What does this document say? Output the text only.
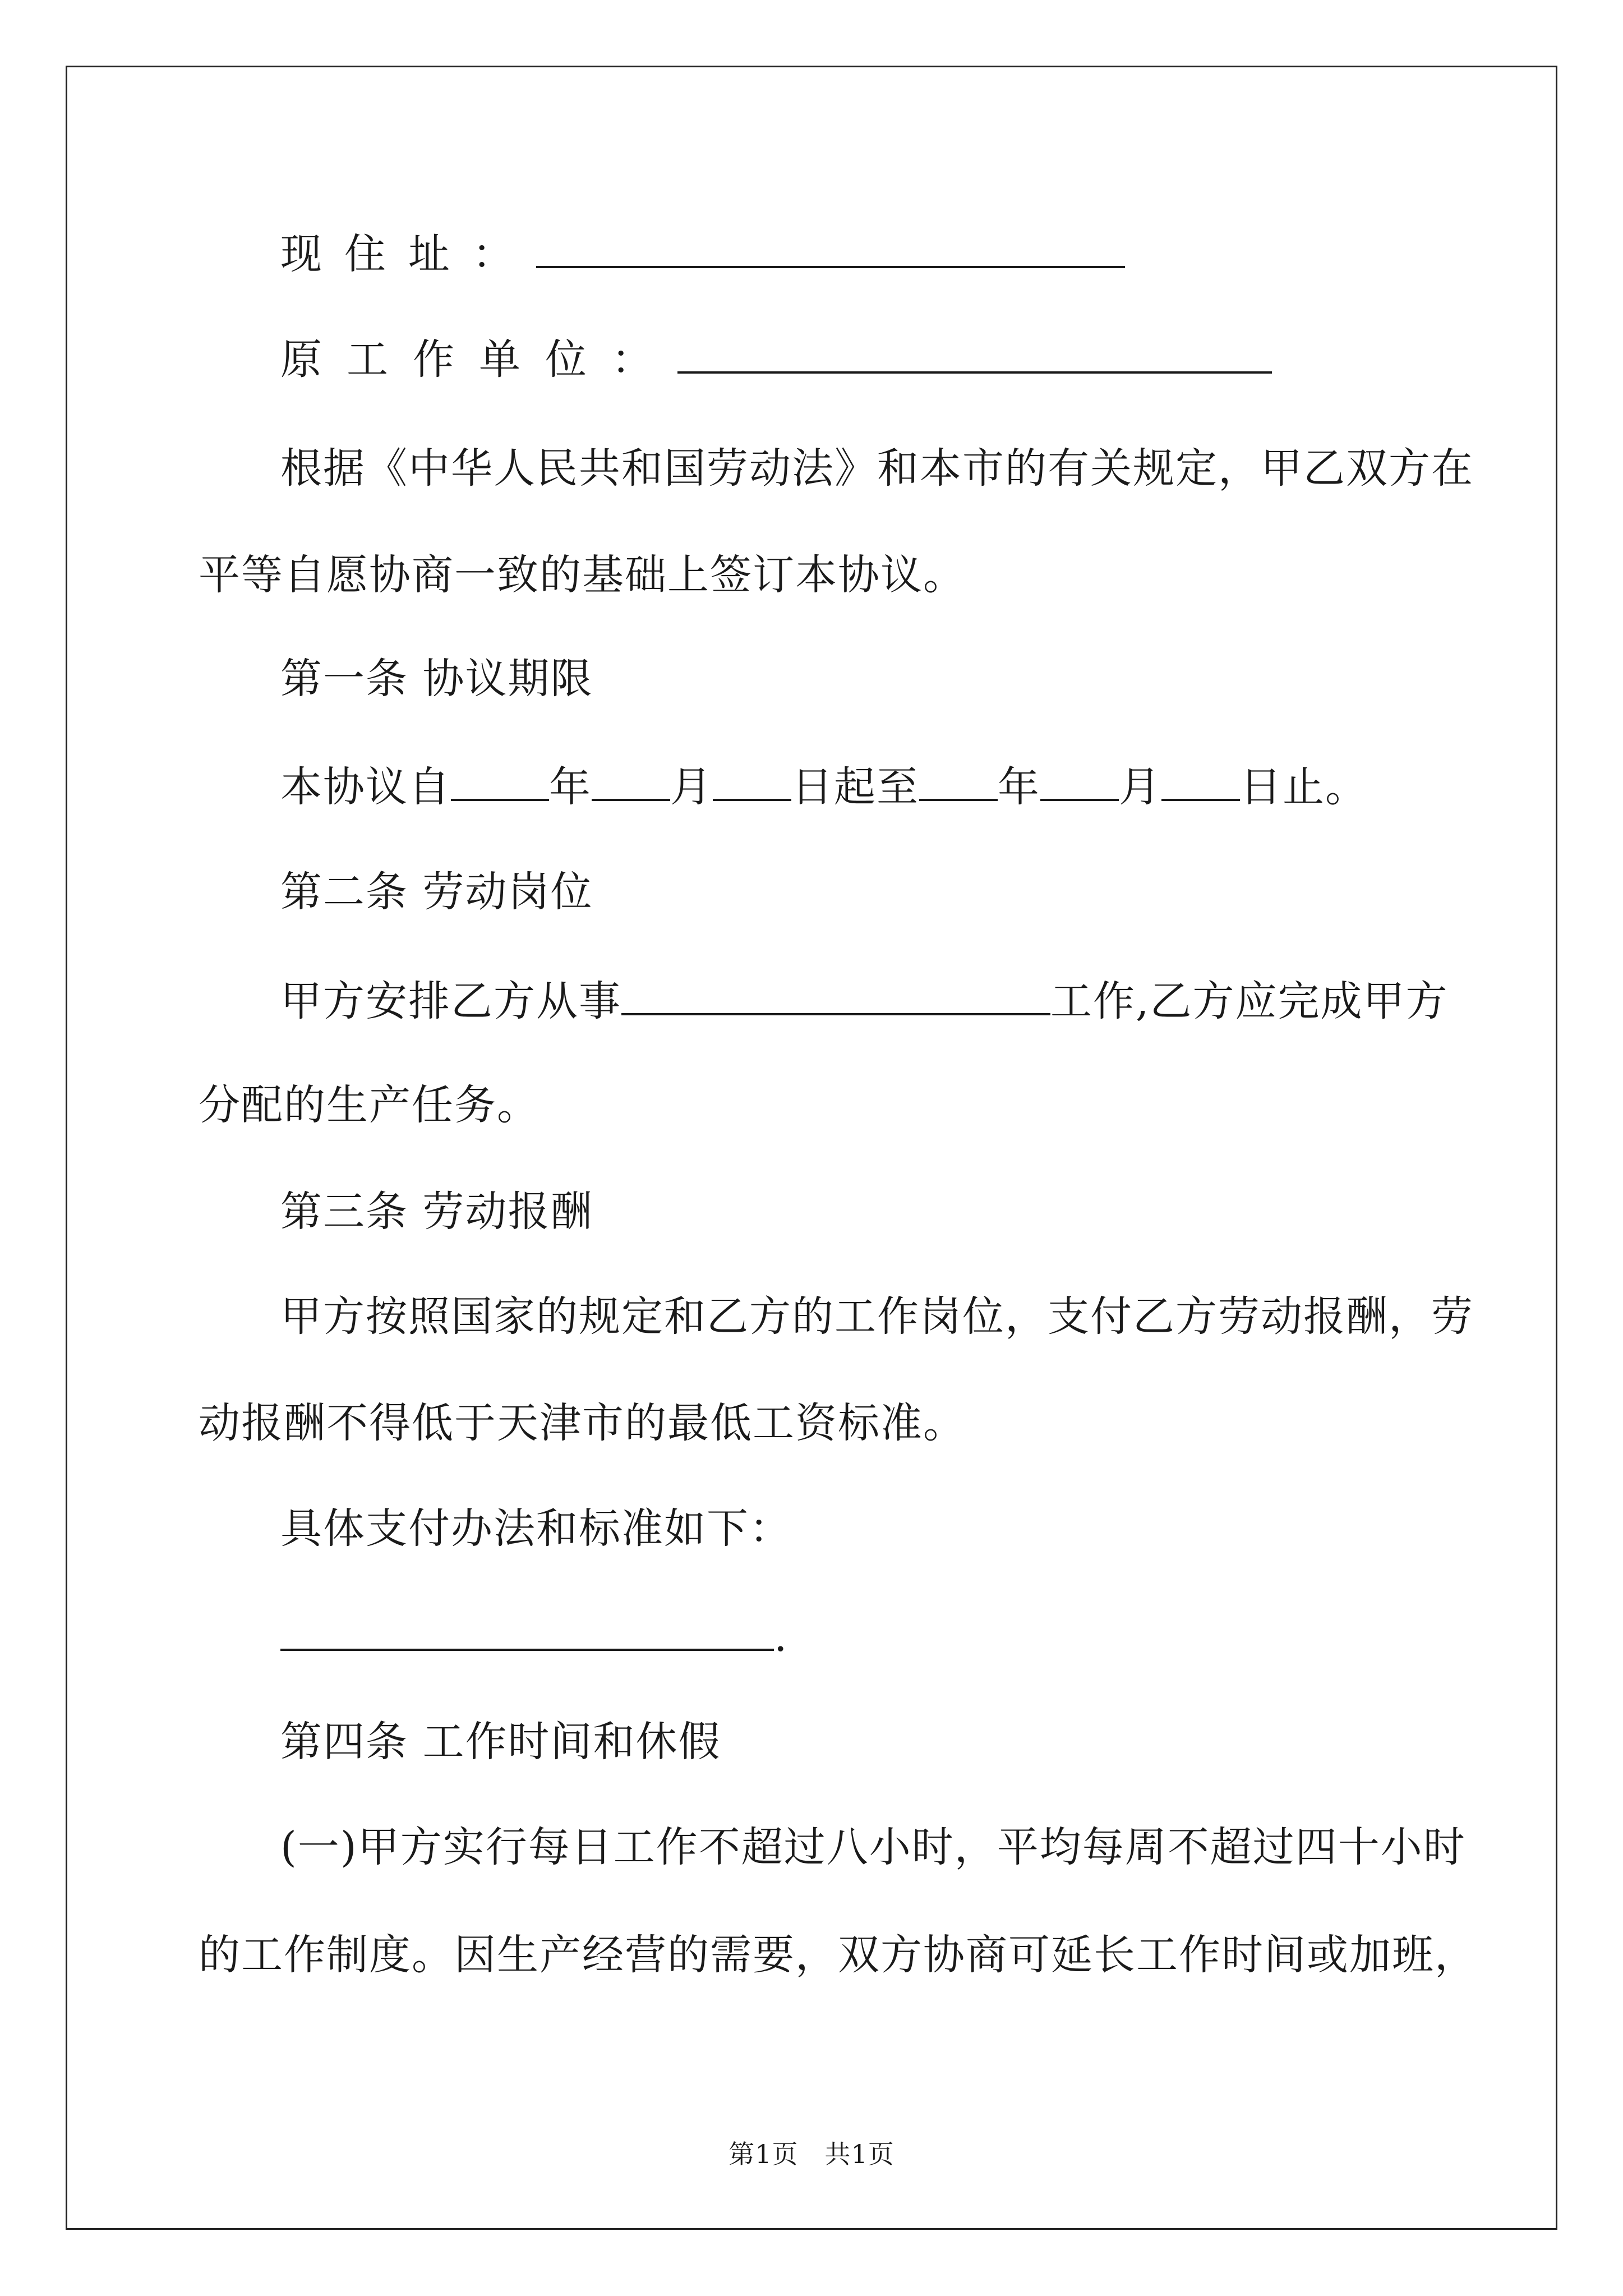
现住址：
原工作单位：
根据《中华人民共和国劳动法》和本市的有关规定，甲乙双方在
平等自愿协商一致的基础上签订本协议。
第一条 协议期限
本协议自 年 月 日起至 年 月 日止。
第二条 劳动岗位
甲方安排乙方从事	工作,乙方应完成甲方
分配的生产任务。
第三条 劳动报酬
甲方按照国家的规定和乙方的工作岗位，支付乙方劳动报酬，劳
动报酬不得低于天津市的最低工资标准。
具体支付办法和标准如下：
.
第四条 工作时间和休假
(一)甲方实行每日工作不超过八小时，平均每周不超过四十小时
的工作制度。因生产经营的需要，双方协商可延长工作时间或加班，
第1页　共1页
